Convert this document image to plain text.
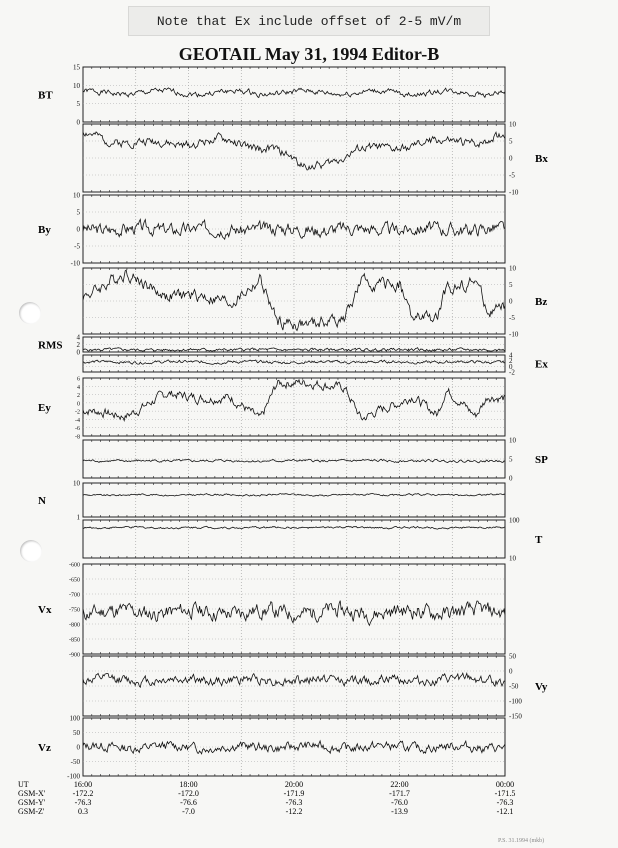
Note that Ex include offset of 2-5 mV/m
GEOTAIL May 31, 1994 Editor-B
15
10
5
0
BT
10
5
0
-5
-10
Bx
10
5
0
-5
-10
By
10
5
0
-5
-10
Bz
4
2
0
RMS
4
2
0
-2
Ex
6
4
2
0
-2
-4
-6
-8
Ey
10
5
0
SP
10
1
N
100
10
T
-600
-650
-700
-750
-800
-850
-900
Vx
50
0
-50
-100
-150
Vy
100
50
0
-50
-100
Vz
UT	16:00	18:00	20:00	22:00	00:00
GSM-X'	-172.2	-172.0	-171.9	-171.7	-171.5
GSM-Y'	-76.3	-76.6	-76.3	-76.0	-76.3
GSM-Z'	0.3	-7.0	-12.2	-13.9	-12.1
P.S. 31.1994 (mkb)
